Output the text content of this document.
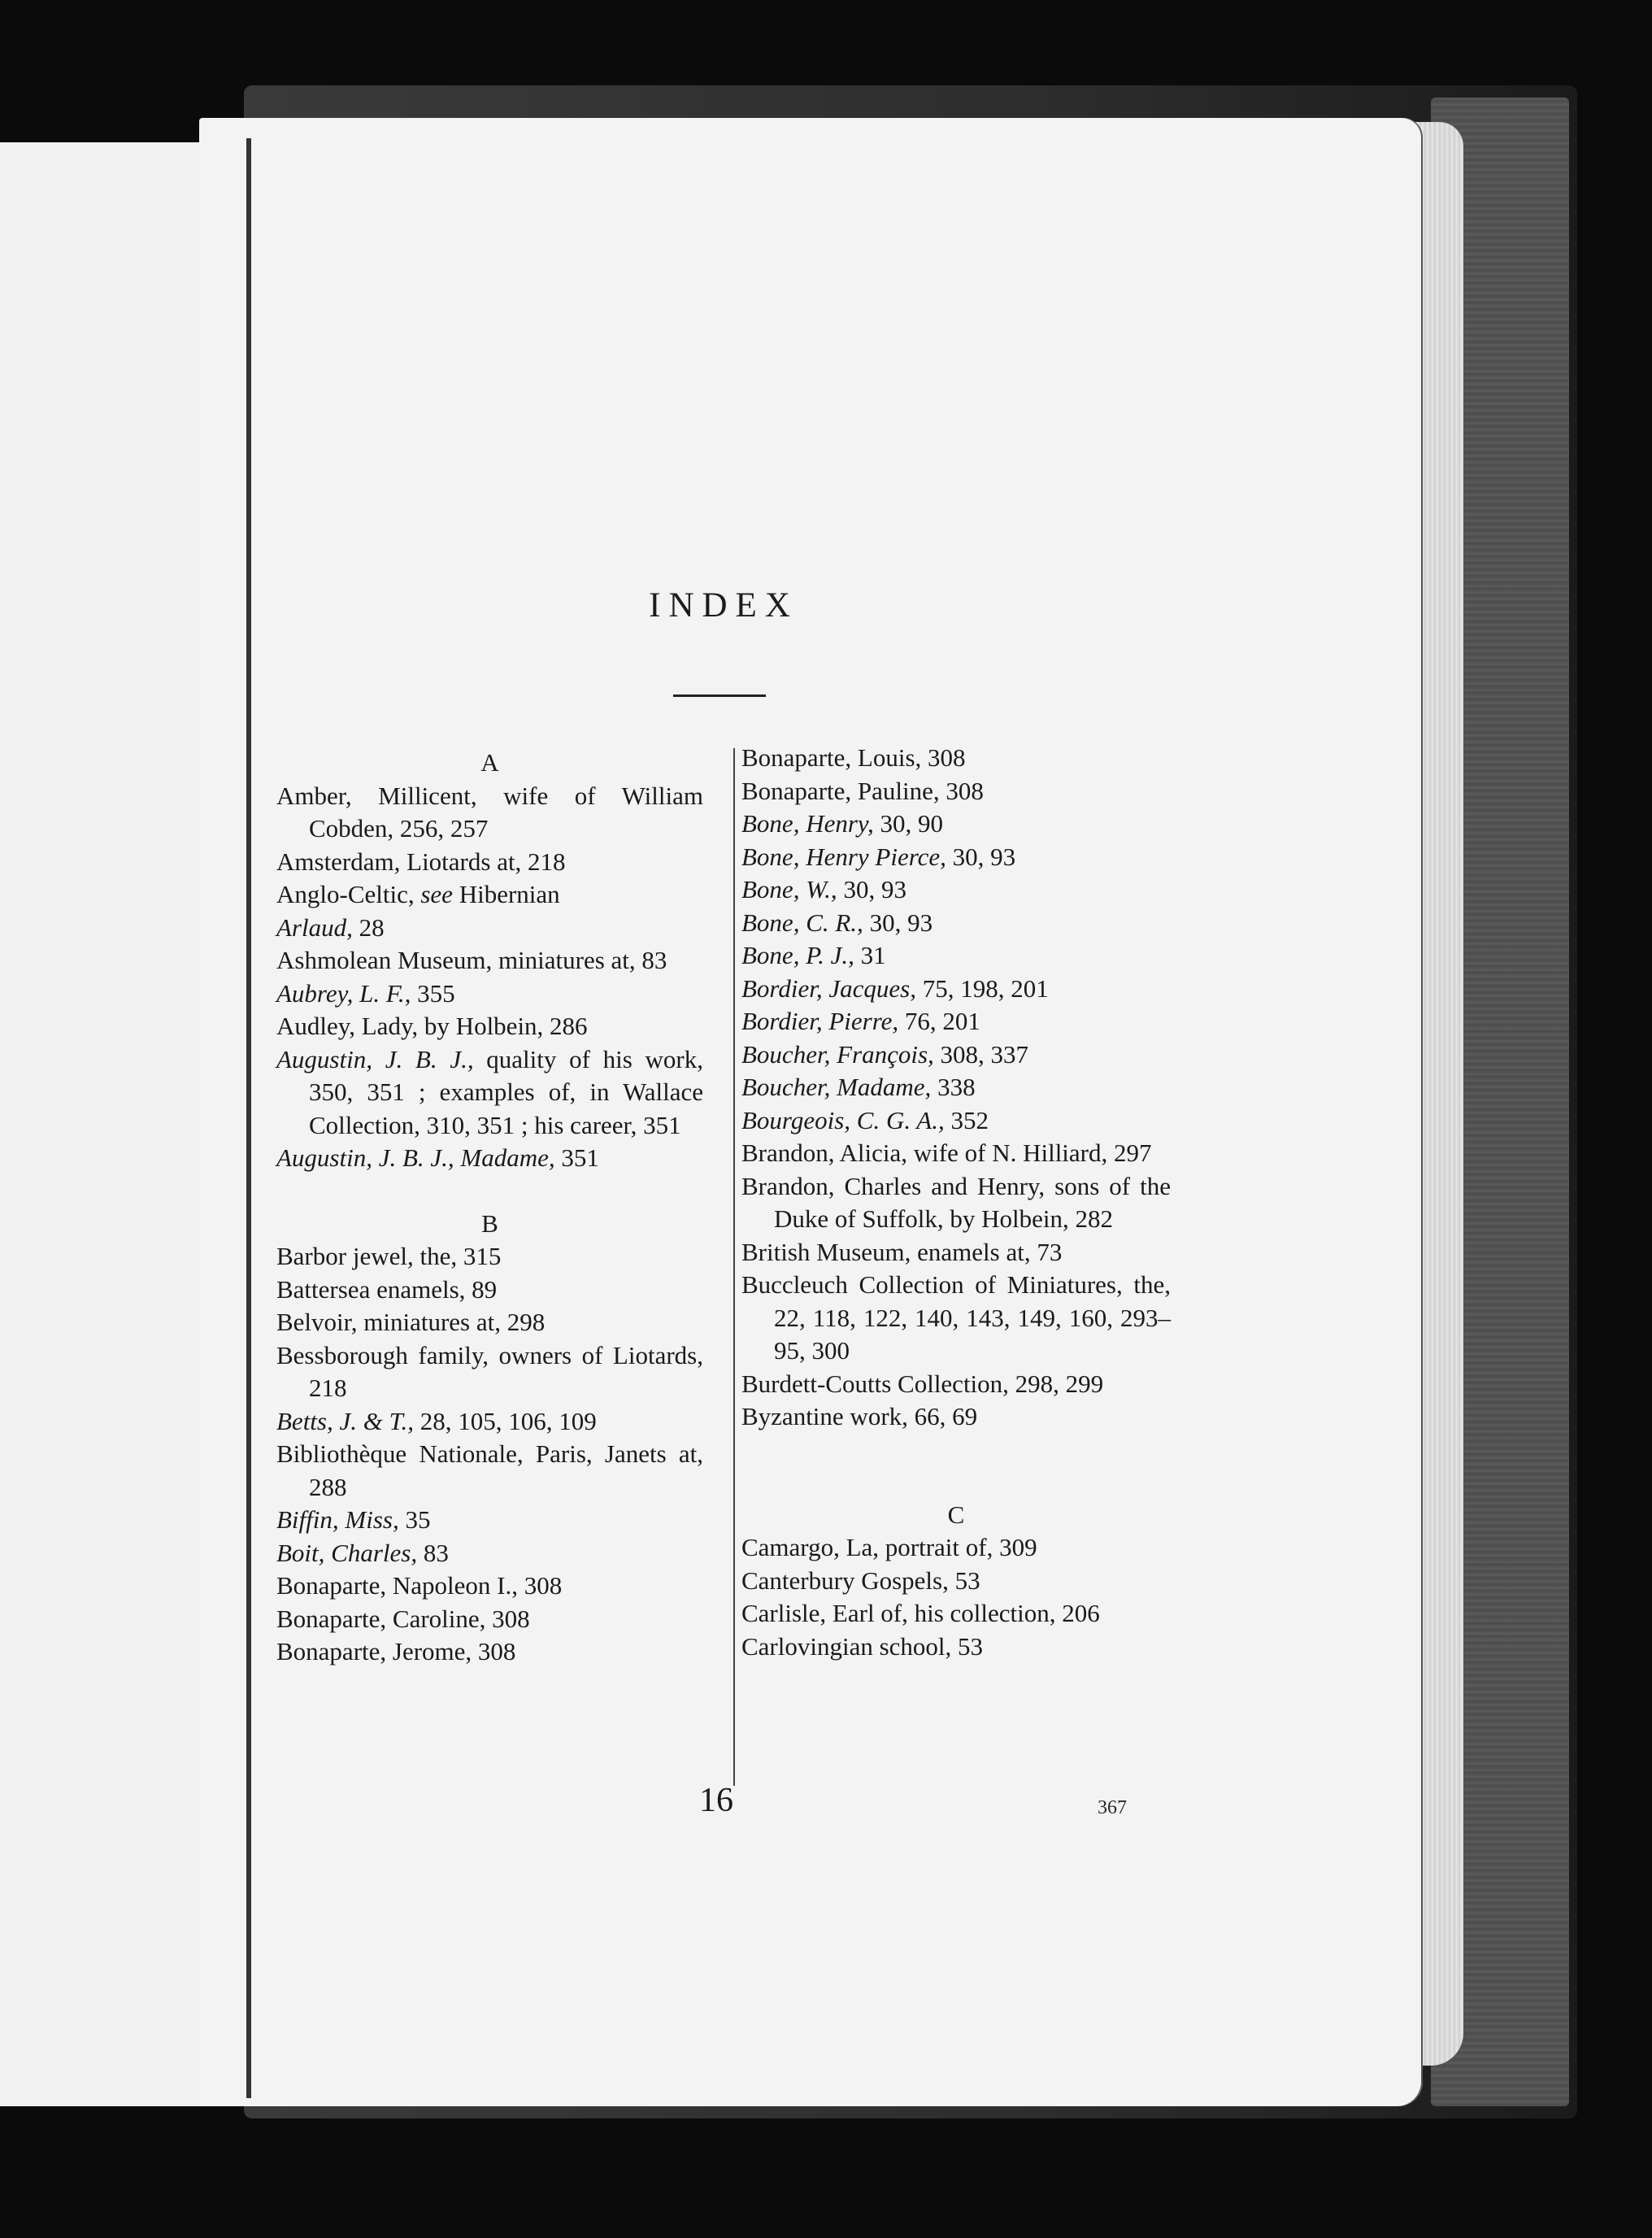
INDEX
A
Amber, Millicent, wife of William Cobden, 256, 257
Amsterdam, Liotards at, 218
Anglo-Celtic, see Hibernian
Arlaud, 28
Ashmolean Museum, miniatures at, 83
Aubrey, L. F., 355
Audley, Lady, by Holbein, 286
Augustin, J. B. J., quality of his work, 350, 351 ; examples of, in Wallace Collection, 310, 351 ; his career, 351
Augustin, J. B. J., Madame, 351
B
Barbor jewel, the, 315
Battersea enamels, 89
Belvoir, miniatures at, 298
Bessborough family, owners of Liotards, 218
Betts, J. & T., 28, 105, 106, 109
Bibliothèque Nationale, Paris, Janets at, 288
Biffin, Miss, 35
Boit, Charles, 83
Bonaparte, Napoleon I., 308
Bonaparte, Caroline, 308
Bonaparte, Jerome, 308
Bonaparte, Louis, 308
Bonaparte, Pauline, 308
Bone, Henry, 30, 90
Bone, Henry Pierce, 30, 93
Bone, W., 30, 93
Bone, C. R., 30, 93
Bone, P. J., 31
Bordier, Jacques, 75, 198, 201
Bordier, Pierre, 76, 201
Boucher, François, 308, 337
Boucher, Madame, 338
Bourgeois, C. G. A., 352
Brandon, Alicia, wife of N. Hilliard, 297
Brandon, Charles and Henry, sons of the Duke of Suffolk, by Holbein, 282
British Museum, enamels at, 73
Buccleuch Collection of Miniatures, the, 22, 118, 122, 140, 143, 149, 160, 293–95, 300
Burdett-Coutts Collection, 298, 299
Byzantine work, 66, 69
C
Camargo, La, portrait of, 309
Canterbury Gospels, 53
Carlisle, Earl of, his collection, 206
Carlovingian school, 53
16	367
